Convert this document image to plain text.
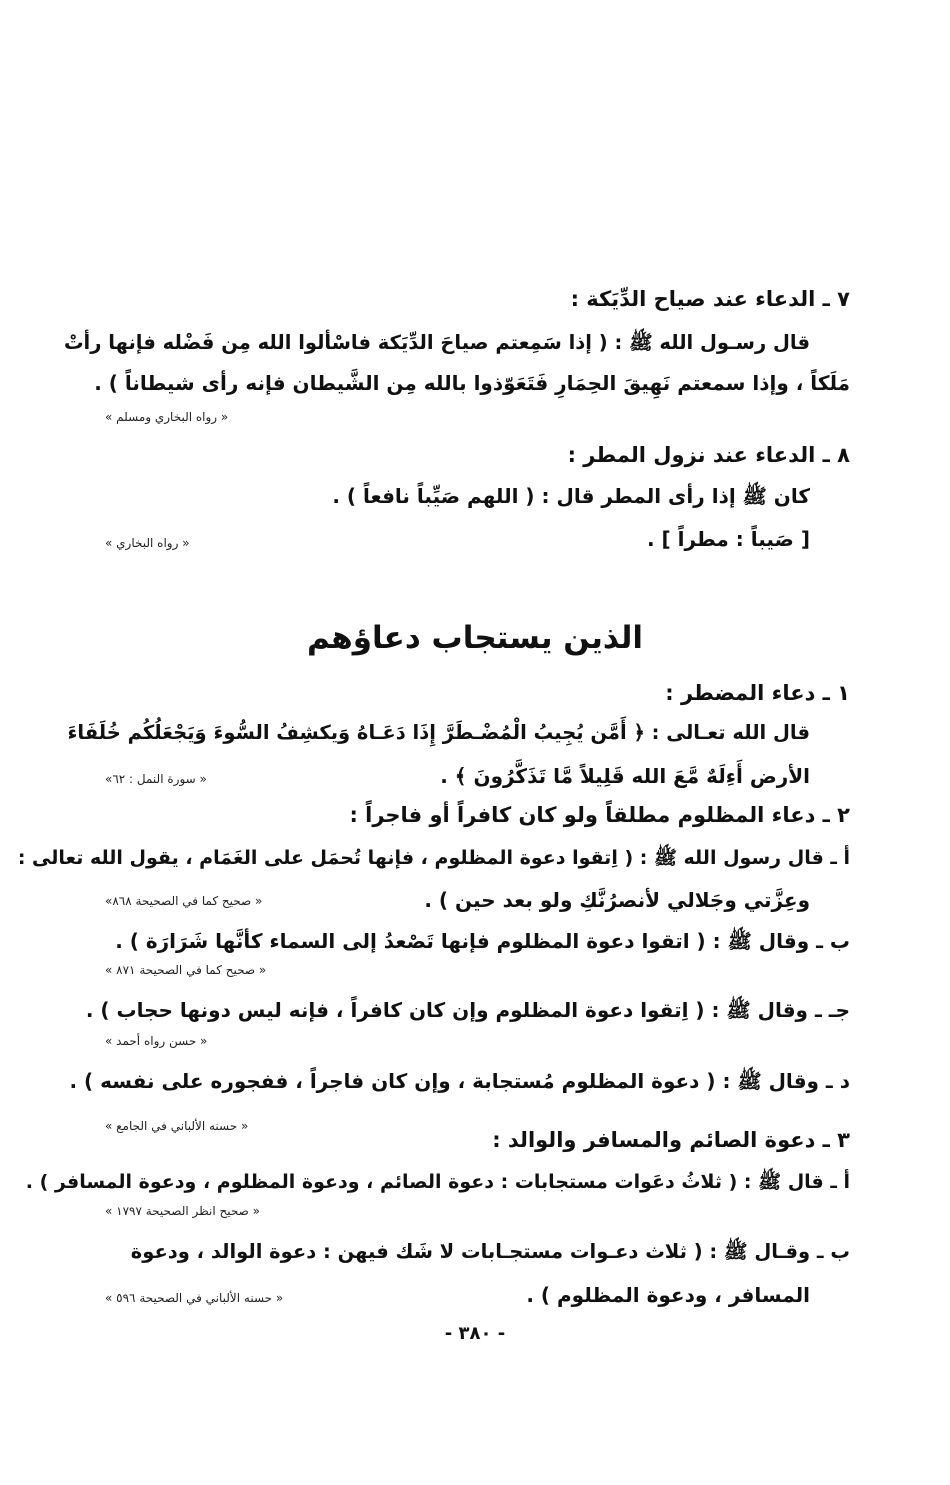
٧ ـ الدعاء عند صياح الدِّيَكة :
قال رسـول الله ﷺ : ( إذا سَمِعتم صياحَ الدِّيَكة فاسْألوا الله مِن فَضْله فإنها رأتْ
مَلَكاً ، وإذا سمعتم نَهِيقَ الحِمَارِ فَتَعَوّذوا بالله مِن الشَّيطان فإنه رأى شيطاناً ) .
« رواه البخاري ومسلم »
٨ ـ الدعاء عند نزول المطر :
كان ﷺ إذا رأى المطر قال : ( اللهم صَيِّباً نافعاً ) .
[ صَيباً : مطراً ] .
« رواه البخاري »
الذين يستجاب دعاؤهم
١ ـ دعاء المضطر :
قال الله تعـالى : ﴿ أَمَّن يُجِيبُ الْمُضْـطَرَّ إِذَا دَعَـاهُ وَيكشِفُ السُّوءَ وَيَجْعَلُكُم خُلَفَاءَ
الأرض أَءِلَهٌ مَّعَ الله قَلِيلاً مَّا تَذَكَّرُونَ ﴾ .
« سورة النمل : ٦٢»
٢ ـ دعاء المظلوم مطلقاً ولو كان كافراً أو فاجراً :
أ ـ قال رسول الله ﷺ : ( اِتقوا دعوة المظلوم ، فإنها تُحمَل على الغَمَام ، يقول الله تعالى :
وعِزَّتي وجَلالي لأنصرُنَّكِ ولو بعد حين ) .
« صحيح كما في الصحيحة ٨٦٨»
ب ـ وقال ﷺ : ( اتقوا دعوة المظلوم فإنها تَصْعدُ إلى السماء كأنَّها شَرَارَة ) .
« صحيح كما في الصحيحة ٨٧١ »
جـ ـ وقال ﷺ : ( اِتقوا دعوة المظلوم وإن كان كافراً ، فإنه ليس دونها حجاب ) .
« حسن رواه أحمد »
د ـ وقال ﷺ : ( دعوة المظلوم مُستجابة ، وإن كان فاجراً ، ففجوره على نفسه ) .
« حسنه الألباني في الجامع »
٣ ـ دعوة الصائم والمسافر والوالد :
أ ـ قال ﷺ : ( ثلاثُ دعَوات مستجابات : دعوة الصائم ، ودعوة المظلوم ، ودعوة المسافر ) .
« صحيح انظر الصحيحة ١٧٩٧ »
ب ـ وقـال ﷺ : ( ثلاث دعـوات مستجـابات لا شَك فيهن : دعوة الوالد ، ودعوة
المسافر ، ودعوة المظلوم ) .
« حسنه الألباني في الصحيحة ٥٩٦ »
- ٣٨٠ -
